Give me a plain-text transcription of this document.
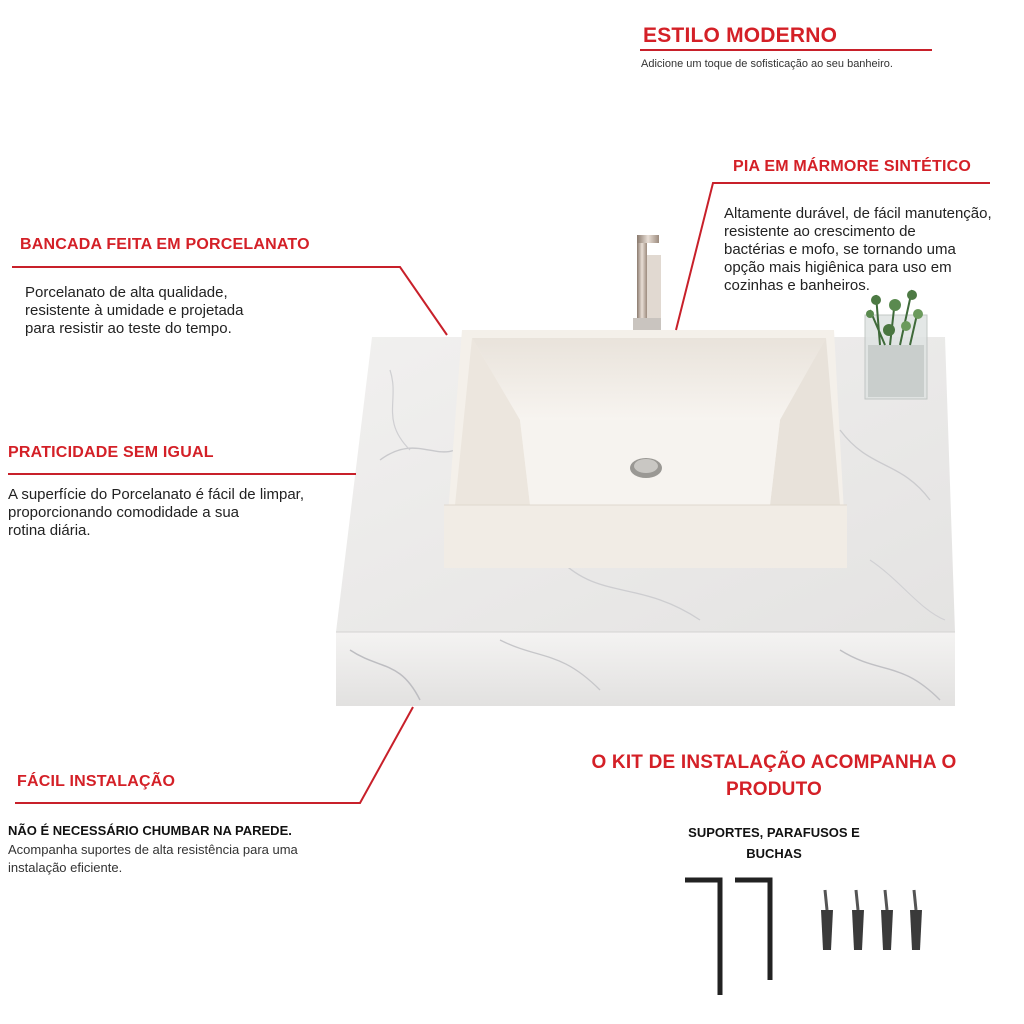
ESTILO MODERNO
Adicione um toque de sofisticação ao seu banheiro.
PIA EM MÁRMORE SINTÉTICO
Altamente durável, de fácil manutenção,
resistente ao crescimento de
bactérias e mofo, se tornando uma
opção mais higiênica para uso em
cozinhas e banheiros.
BANCADA FEITA EM PORCELANATO
Porcelanato de alta qualidade,
resistente à umidade e projetada
para resistir ao teste do tempo.
PRATICIDADE SEM IGUAL
A superfície do Porcelanato é fácil de limpar,
proporcionando comodidade a sua
rotina diária.
FÁCIL INSTALAÇÃO
NÃO É NECESSÁRIO CHUMBAR NA PAREDE.
Acompanha suportes de alta resistência para uma
instalação eficiente.
O KIT DE INSTALAÇÃO ACOMPANHA O
PRODUTO
SUPORTES, PARAFUSOS E
BUCHAS
